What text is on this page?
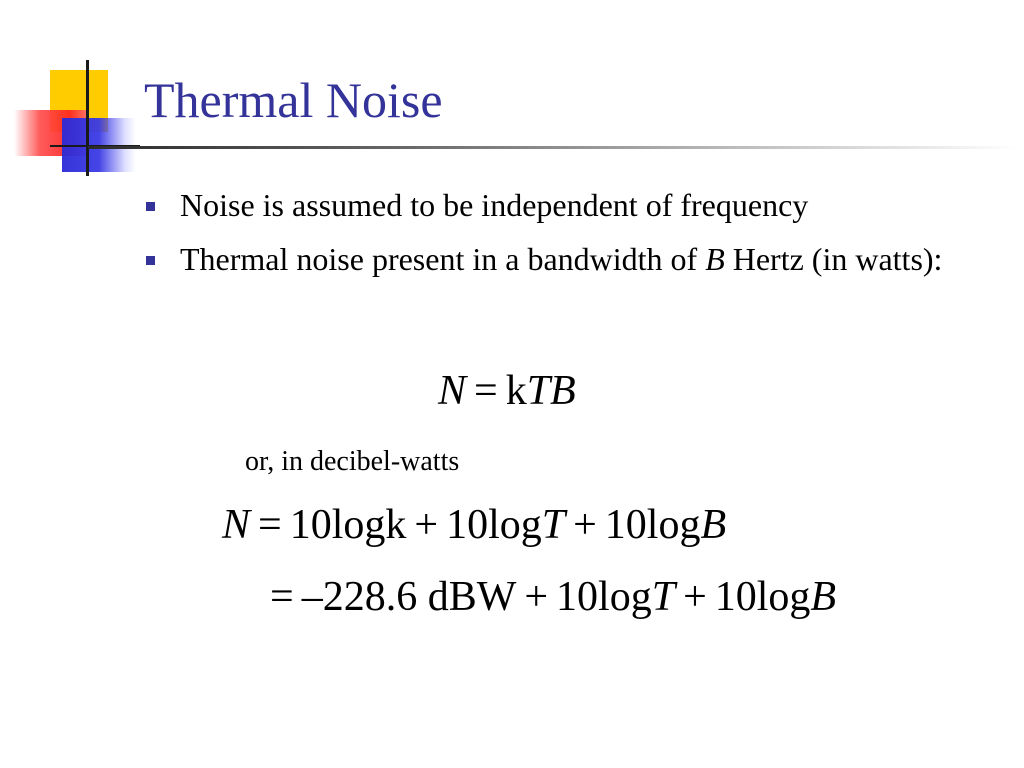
Thermal Noise
Noise is assumed to be independent of frequency
Thermal noise present in a bandwidth of B Hertz (in watts):
N = kTB
or, in decibel-watts
N = 10logk + 10logT + 10logB
= –228.6 dBW + 10logT + 10logB
